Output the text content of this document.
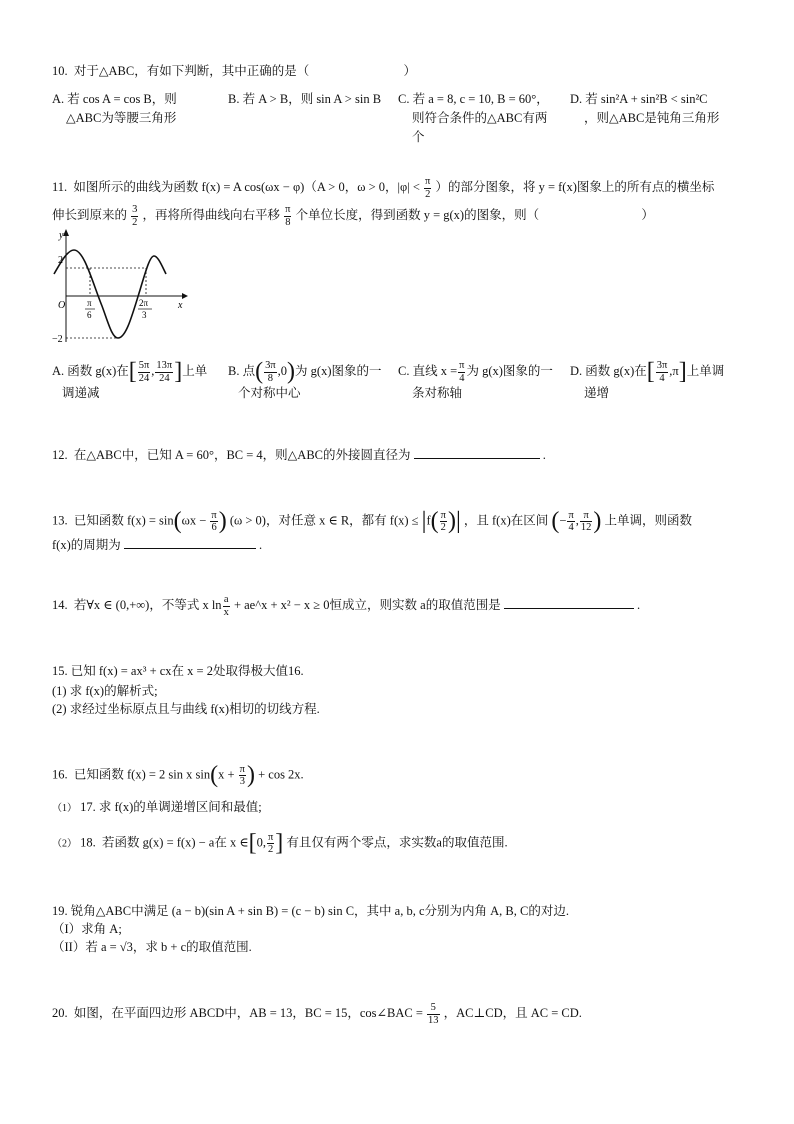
10. 对于△ABC，有如下判断，其中正确的是（	）
A. 若 cos A = cos B，则
△ABC为等腰三角形
B. 若 A > B，则 sin A > sin B	C. 若 a = 8, c = 10, B = 60°，
则符合条件的△ABC有两
个
D. 若 sin²A + sin²B < sin²C
，则△ABC是钝角三角形
11. 如图所示的曲线为函数 f(x) = A cos(ωx − φ)（A > 0，ω > 0，$|\varphi| < \frac{\pi}{2}$ ）的部分图象，将 y = f(x)图象上的所有点的横坐标
伸长到原来的 $\frac{3}{2}$ ，再将所得曲线向右平移 $\frac{\pi}{8}$ 个单位长度，得到函数 y = g(x)的图象，则（	）
y
x
O
2
−2
π
6
2π
3
A. 函数 g(x)在[ $\frac{5\pi}{24}$ , $\frac{13\pi}{24}$ ]上单
调递减
B. 点( $\frac{3\pi}{8} ,0$)为 g(x)图象的一
个对称中心
C. 直线 $x = \frac{\pi}{4}$ 为 g(x)图象的一
条对称轴
D. 函数 g(x)在[ $\frac{3\pi}{4} ,\pi$]上单调
递增
12. 在△ABC中，已知 A = 60°，BC = 4，则△ABC的外接圆直径为	.
13. 已知函数 $f(x) = \sin(\omega x - \frac{\pi}{6}$ ) (ω > 0)，对任意 x ∈ R，都有 $f(x) \le |f( \frac{\pi}{2}$ )| ，且 f(x)在区间 (− $\frac{\pi}{4}$ , $\frac{\pi}{12}$ ) 上单调，则函数
f(x)的周期为	.
14. 若∀x ∈ (0,+∞)，不等式 x $\ln \frac{a}{x}$ + ae^x + x² − x ≥ 0恒成立，则实数 a的取值范围是	.
15. 已知 f(x) = ax³ + cx在 x = 2处取得极大值16.
(1) 求 f(x)的解析式;
(2) 求经过坐标原点且与曲线 f(x)相切的切线方程.
16. 已知函数 f(x) = 2 sin x $\sin(x + \frac{\pi}{3}$ ) + cos 2x.
（1） 17. 求 f(x)的单调递增区间和最值;
（2） 18. 若函数 g(x) = f(x) − a在 x ∈[0, $\frac{\pi}{2}$ ] 有且仅有两个零点，求实数a的取值范围.
19. 锐角△ABC中满足 (a − b)(sin A + sin B) = (c − b) sin C，其中 a, b, c分别为内角 A, B, C的对边.
（I）求角 A;
（II）若 a = √3，求 b + c的取值范围.
20. 如图，在平面四边形 ABCD中，AB = 13，BC = 15，cos∠BAC = $\frac{5}{13}$ ，AC⊥CD，且 AC = CD.
